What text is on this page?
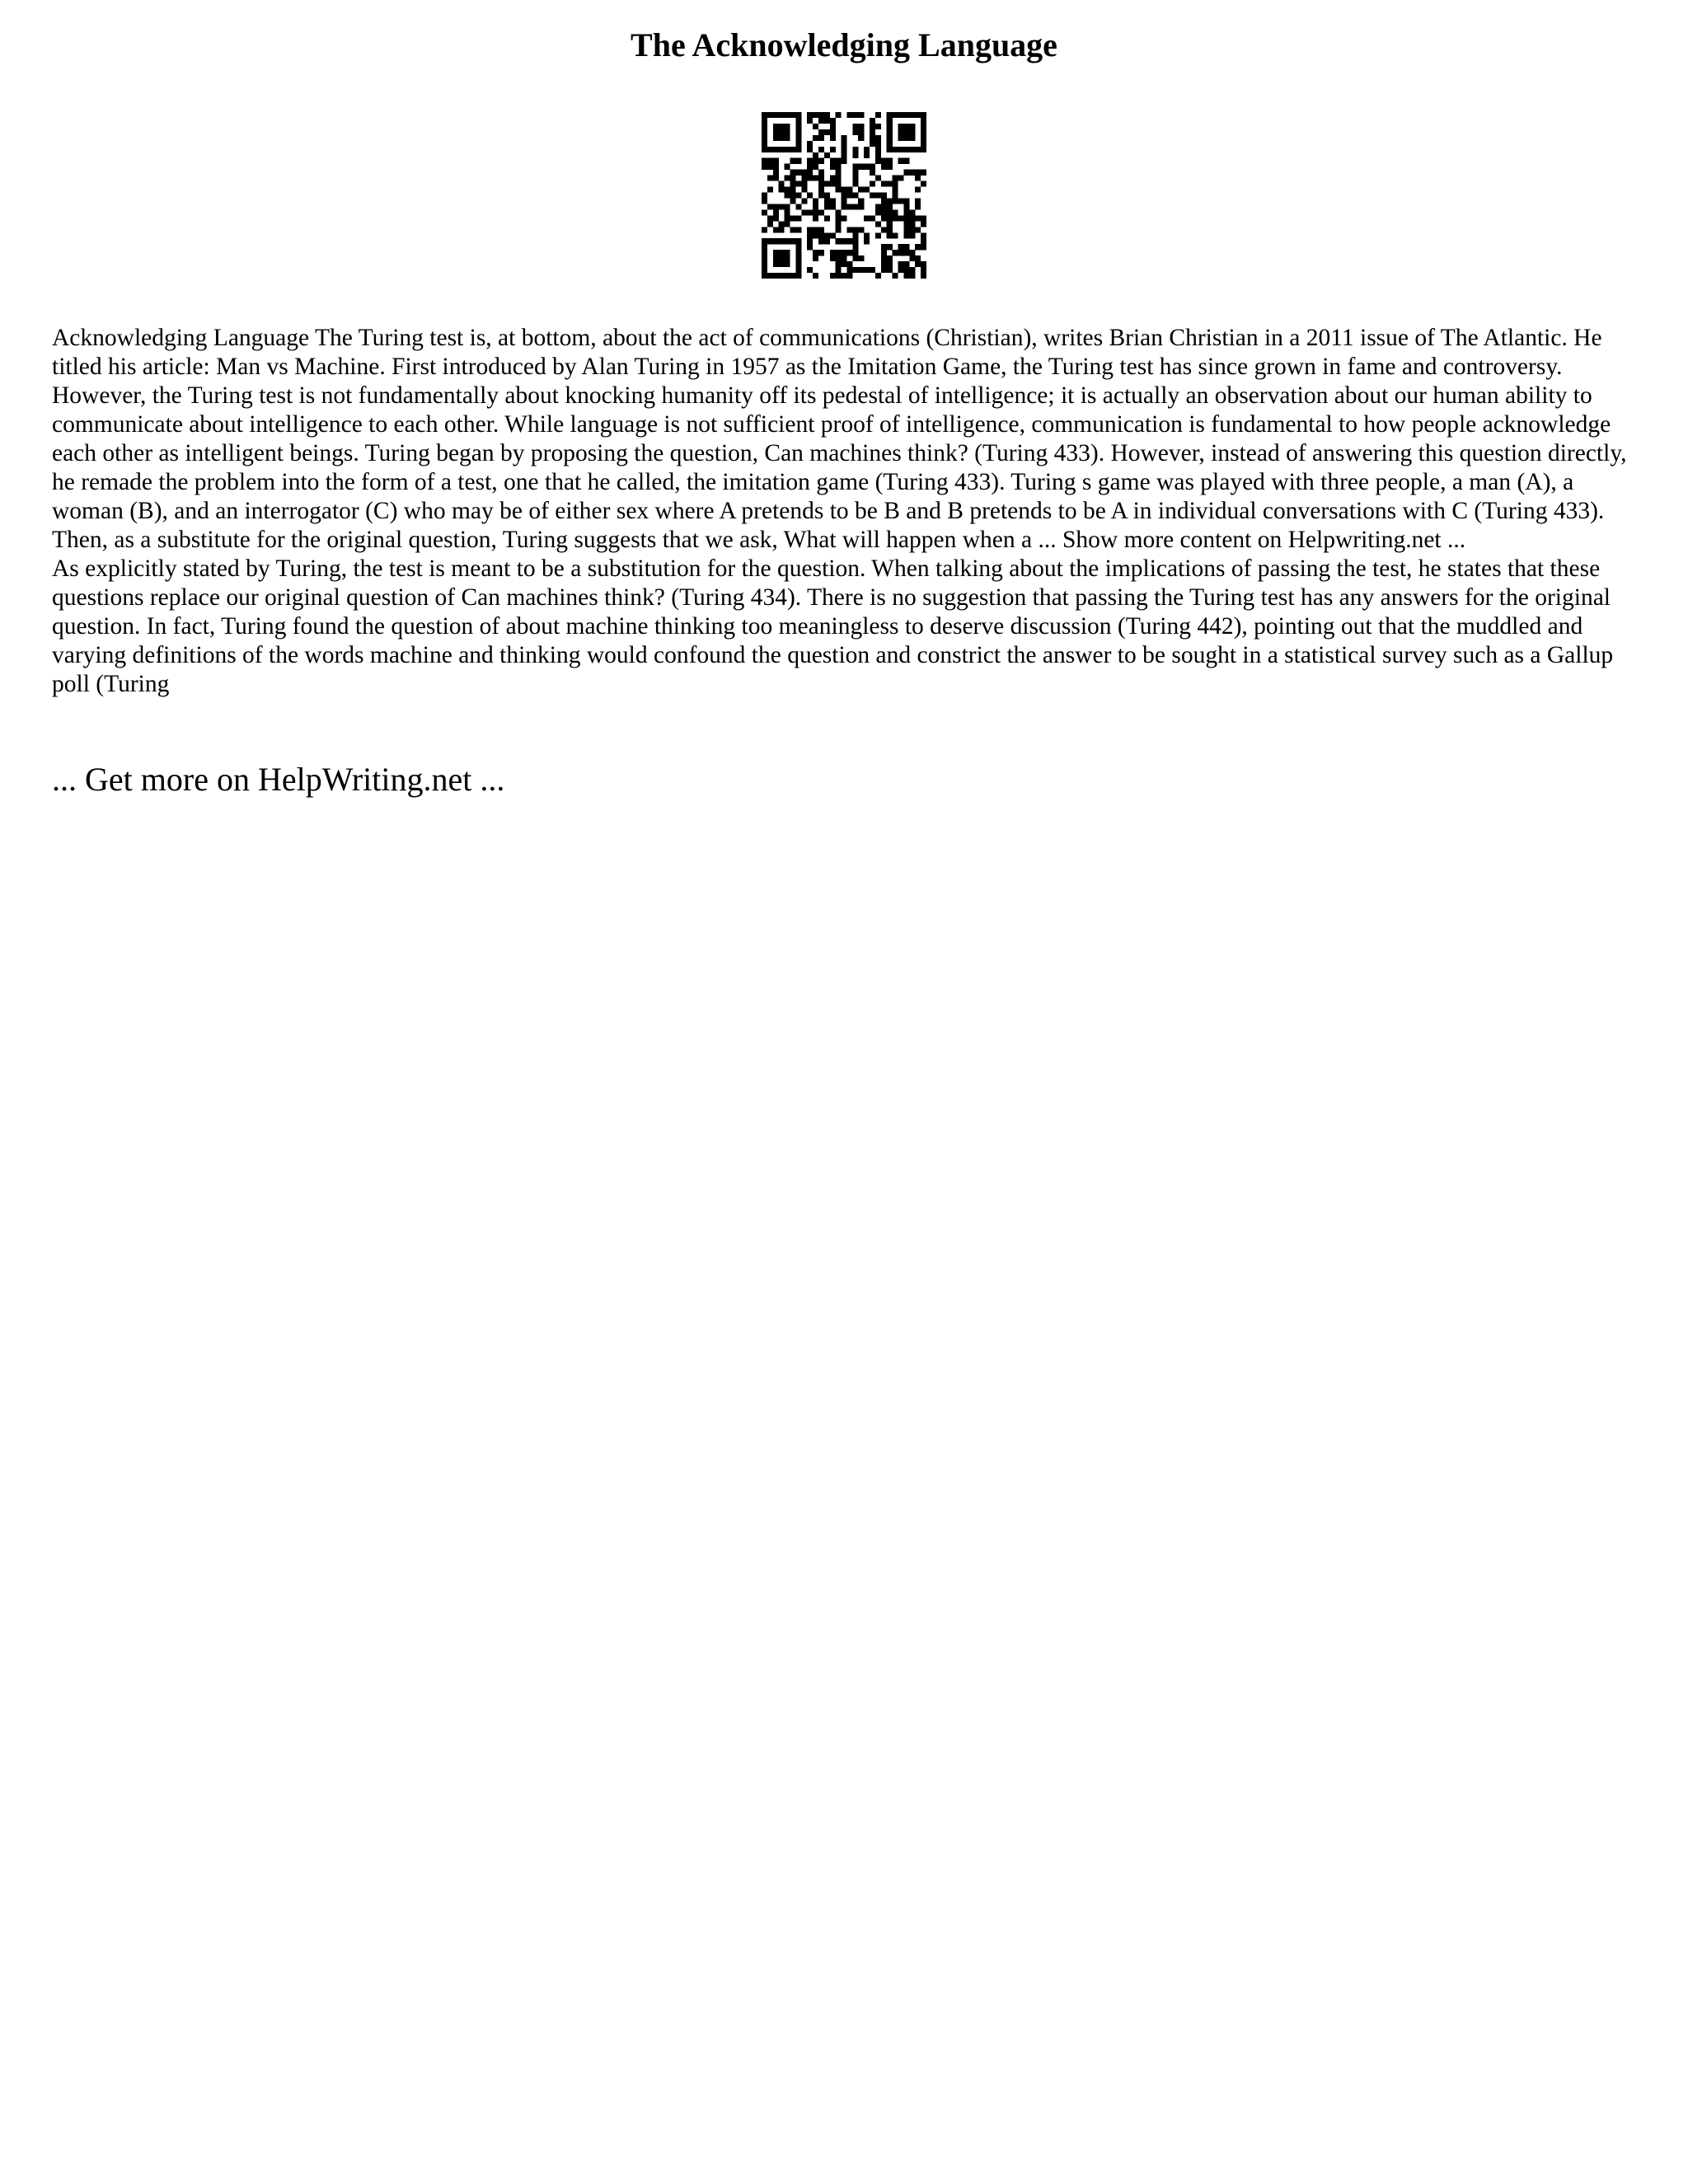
The Acknowledging Language

Acknowledging Language The Turing test is, at bottom, about the act of communications (Christian), writes Brian Christian in a 2011 issue of The Atlantic. He titled his article: Man vs Machine. First introduced by Alan Turing in 1957 as the Imitation Game, the Turing test has since grown in fame and controversy. However, the Turing test is not fundamentally about knocking humanity off its pedestal of intelligence; it is actually an observation about our human ability to communicate about intelligence to each other. While language is not sufficient proof of intelligence, communication is fundamental to how people acknowledge each other as intelligent beings. Turing began by proposing the question, Can machines think? (Turing 433). However, instead of answering this question directly, he remade the problem into the form of a test, one that he called, the imitation game (Turing 433). Turing s game was played with three people, a man (A), a woman (B), and an interrogator (C) who may be of either sex where A pretends to be B and B pretends to be A in individual conversations with C (Turing 433). Then, as a substitute for the original question, Turing suggests that we ask, What will happen when a ... Show more content on Helpwriting.net ...

As explicitly stated by Turing, the test is meant to be a substitution for the question. When talking about the implications of passing the test, he states that these questions replace our original question of Can machines think? (Turing 434). There is no suggestion that passing the Turing test has any answers for the original question. In fact, Turing found the question of about machine thinking too meaningless to deserve discussion (Turing 442), pointing out that the muddled and varying definitions of the words machine and thinking would confound the question and constrict the answer to be sought in a statistical survey such as a Gallup poll (Turing

... Get more on HelpWriting.net ...
